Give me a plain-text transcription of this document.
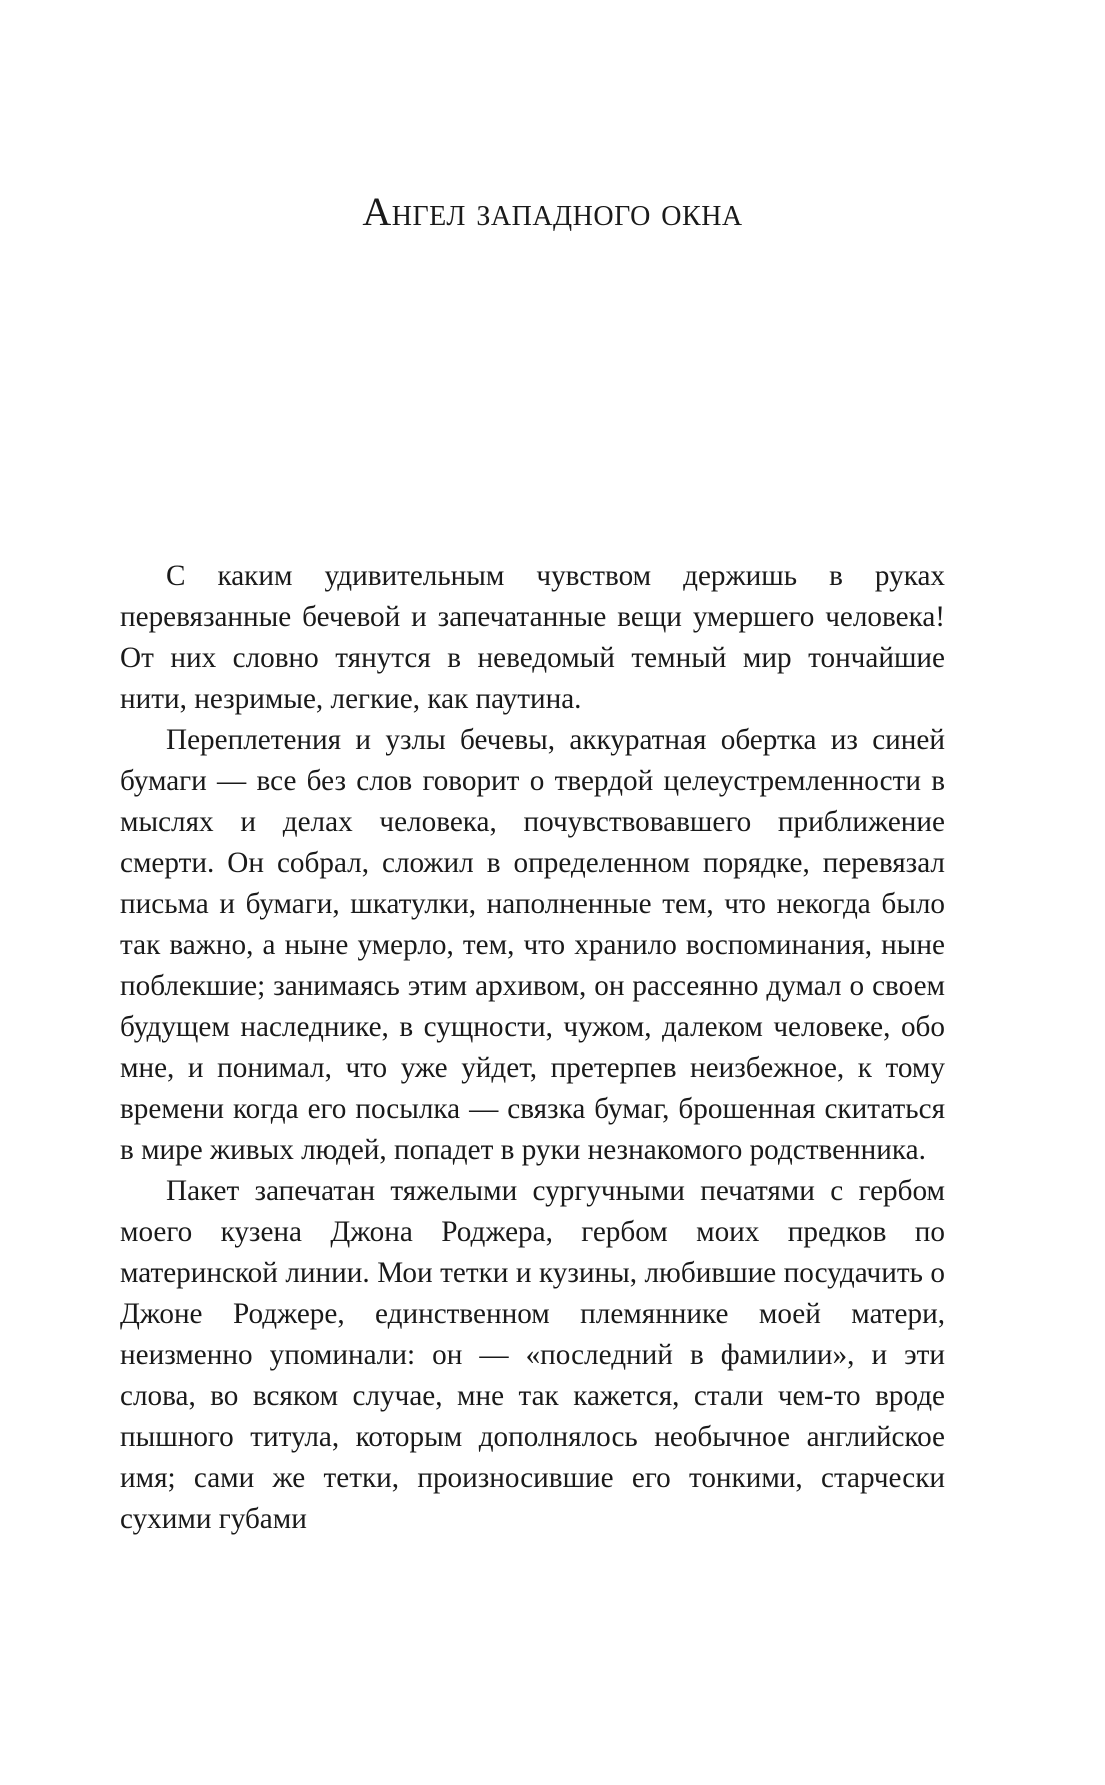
Ангел западного окна

С каким удивительным чувством держишь в руках перевязанные бечевой и запечатанные вещи умершего человека! От них словно тянутся в неведомый темный мир тончайшие нити, незримые, легкие, как паутина.

Переплетения и узлы бечевы, аккуратная обертка из синей бумаги — все без слов говорит о твердой целеустремленности в мыслях и делах человека, почувствовавшего приближение смерти. Он собрал, сложил в определенном порядке, перевязал письма и бумаги, шкатулки, наполненные тем, что некогда было так важно, а ныне умерло, тем, что хранило воспоминания, ныне поблекшие; занимаясь этим архивом, он рассеянно думал о своем будущем наследнике, в сущности, чужом, далеком человеке, обо мне, и понимал, что уже уйдет, претерпев неизбежное, к тому времени когда его посылка — связка бумаг, брошенная скитаться в мире живых людей, попадет в руки незнакомого родственника.

Пакет запечатан тяжелыми сургучными печатями с гербом моего кузена Джона Роджера, гербом моих предков по материнской линии. Мои тетки и кузины, любившие посудачить о Джоне Роджере, единственном племяннике моей матери, неизменно упоминали: он — «последний в фамилии», и эти слова, во всяком случае, мне так кажется, стали чем-то вроде пышного титула, которым дополнялось необычное английское имя; сами же тетки, произносившие его тонкими, старчески сухими губами
